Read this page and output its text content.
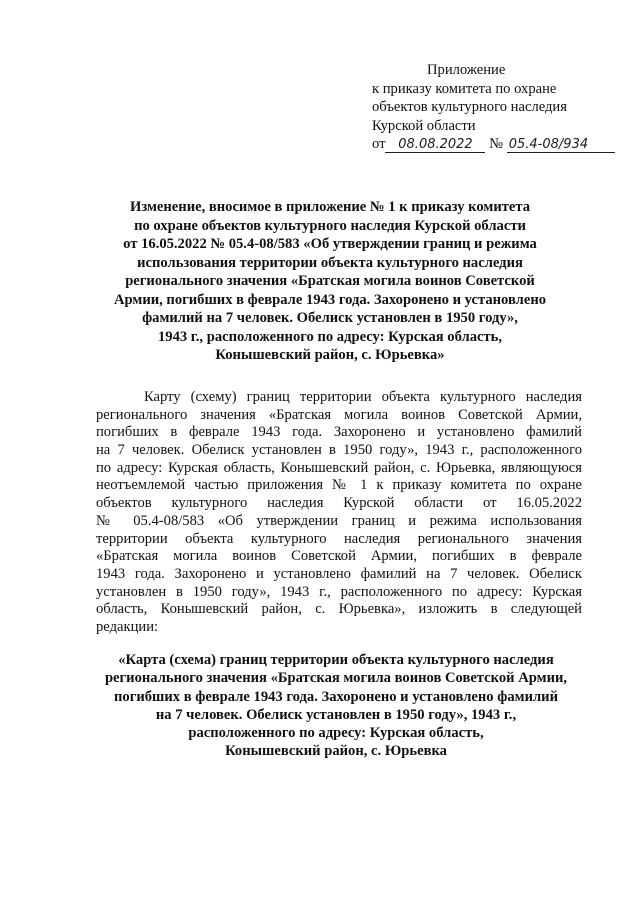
Приложение
к приказу комитета по охране
объектов культурного наследия
Курской области
от 08.08.2022 № 05.4-08/934
Изменение, вносимое в приложение № 1 к приказу комитета
по охране объектов культурного наследия Курской области
от 16.05.2022 № 05.4-08/583 «Об утверждении границ и режима
использования территории объекта культурного наследия
регионального значения «Братская могила воинов Советской
Армии, погибших в феврале 1943 года. Захоронено и установлено
фамилий на 7 человек. Обелиск установлен в 1950 году»,
1943 г., расположенного по адресу: Курская область,
Конышевский район, с. Юрьевка»
Карту (схему) границ территории объекта культурного наследия
регионального значения «Братская могила воинов Советской Армии,
погибших в феврале 1943 года. Захоронено и установлено фамилий
на 7 человек. Обелиск установлен в 1950 году», 1943 г., расположенного
по адресу: Курская область, Конышевский район, с. Юрьевка, являющуюся
неотъемлемой частью приложения № 1 к приказу комитета по охране
объектов культурного наследия Курской области от 16.05.2022
№ 05.4-08/583 «Об утверждении границ и режима использования
территории объекта культурного наследия регионального значения
«Братская могила воинов Советской Армии, погибших в феврале
1943 года. Захоронено и установлено фамилий на 7 человек. Обелиск
установлен в 1950 году», 1943 г., расположенного по адресу: Курская
область, Конышевский район, с. Юрьевка», изложить в следующей
редакции:
«Карта (схема) границ территории объекта культурного наследия
регионального значения «Братская могила воинов Советской Армии,
погибших в феврале 1943 года. Захоронено и установлено фамилий
на 7 человек. Обелиск установлен в 1950 году», 1943 г.,
расположенного по адресу: Курская область,
Конышевский район, с. Юрьевка
